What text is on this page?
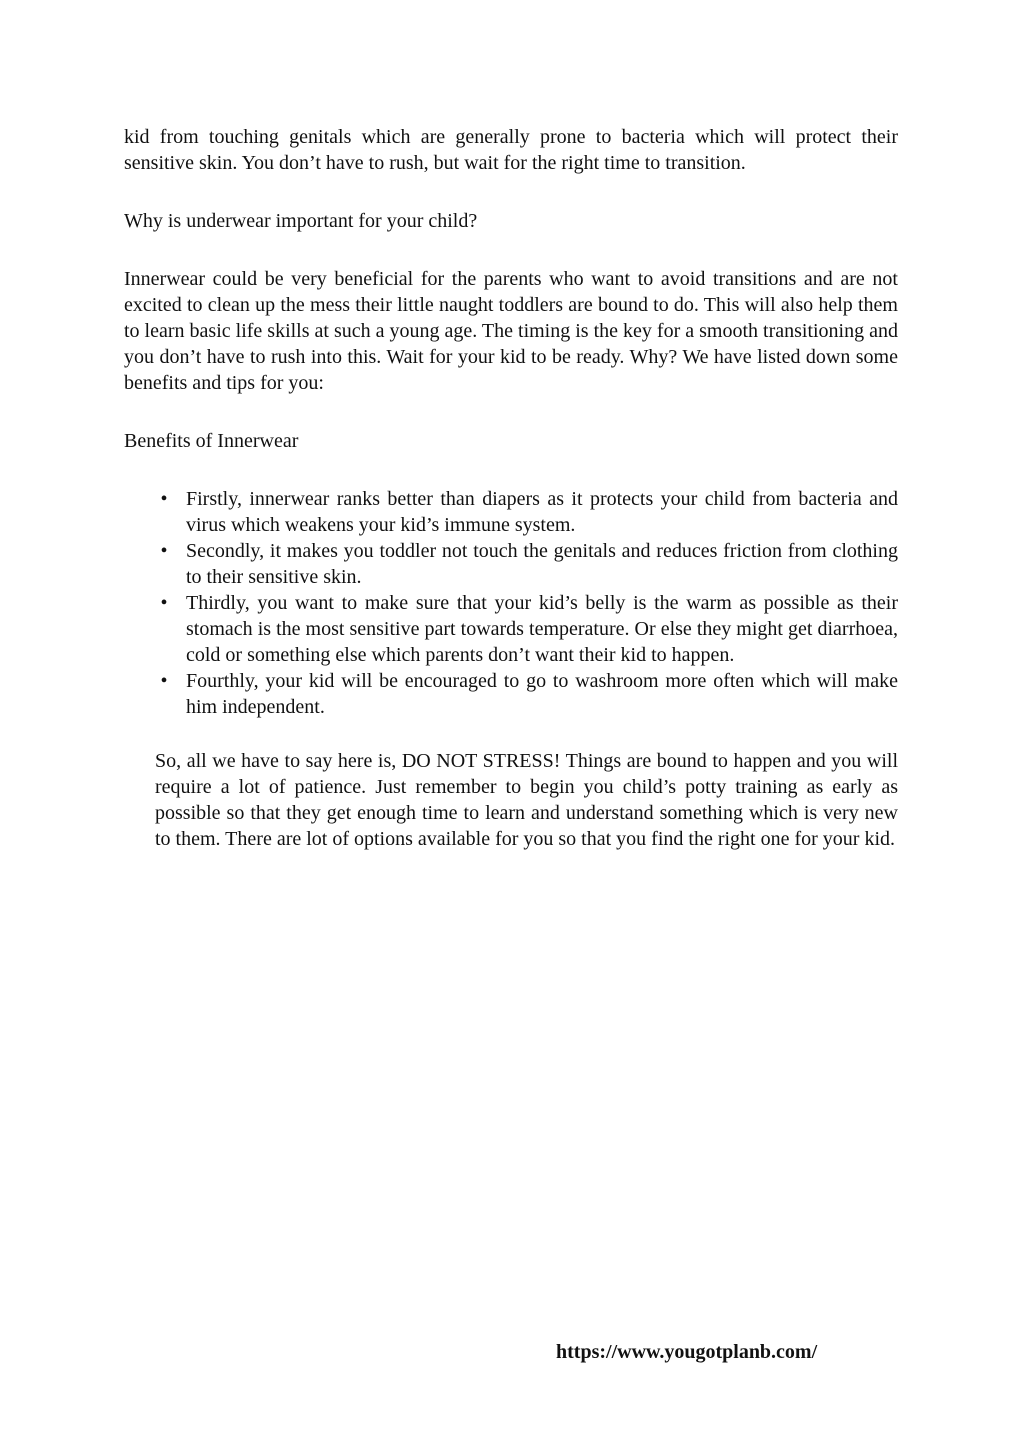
kid from touching genitals which are generally prone to bacteria which will protect their sensitive skin. You don’t have to rush, but wait for the right time to transition.

Why is underwear important for your child?

Innerwear could be very beneficial for the parents who want to avoid transitions and are not excited to clean up the mess their little naught toddlers are bound to do. This will also help them to learn basic life skills at such a young age. The timing is the key for a smooth transitioning and you don’t have to rush into this. Wait for your kid to be ready. Why? We have listed down some benefits and tips for you:

Benefits of Innerwear

• Firstly, innerwear ranks better than diapers as it protects your child from bacteria and virus which weakens your kid’s immune system.
• Secondly, it makes you toddler not touch the genitals and reduces friction from clothing to their sensitive skin.
• Thirdly, you want to make sure that your kid’s belly is the warm as possible as their stomach is the most sensitive part towards temperature. Or else they might get diarrhoea, cold or something else which parents don’t want their kid to happen.
• Fourthly, your kid will be encouraged to go to washroom more often which will make him independent.

So, all we have to say here is, DO NOT STRESS! Things are bound to happen and you will require a lot of patience. Just remember to begin you child’s potty training as early as possible so that they get enough time to learn and understand something which is very new to them. There are lot of options available for you so that you find the right one for your kid.

https://www.yougotplanb.com/
